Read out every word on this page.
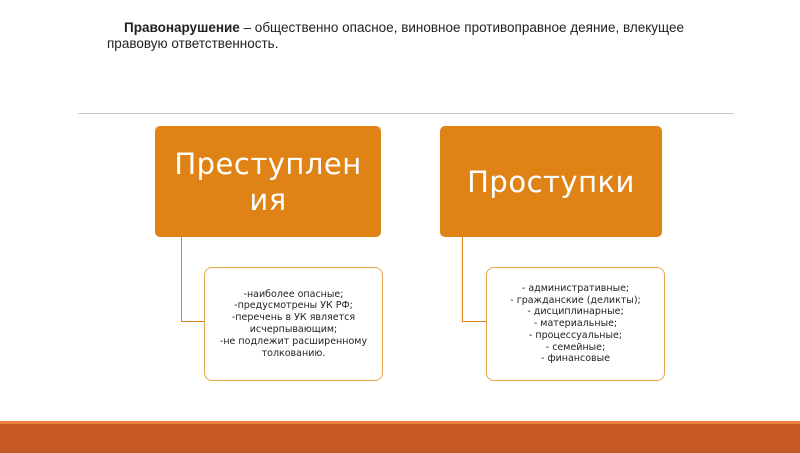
Правонарушение – общественно опасное, виновное противоправное деяние, влекущее правовую ответственность.
Преступления
-наиболее опасные;
-предусмотрены УК РФ;
-перечень в УК является исчерпывающим;
-не подлежит расширенному толкованию.
Проступки
- административные;
- гражданские (деликты);
- дисциплинарные;
- материальные;
- процессуальные;
- семейные;
- финансовые
